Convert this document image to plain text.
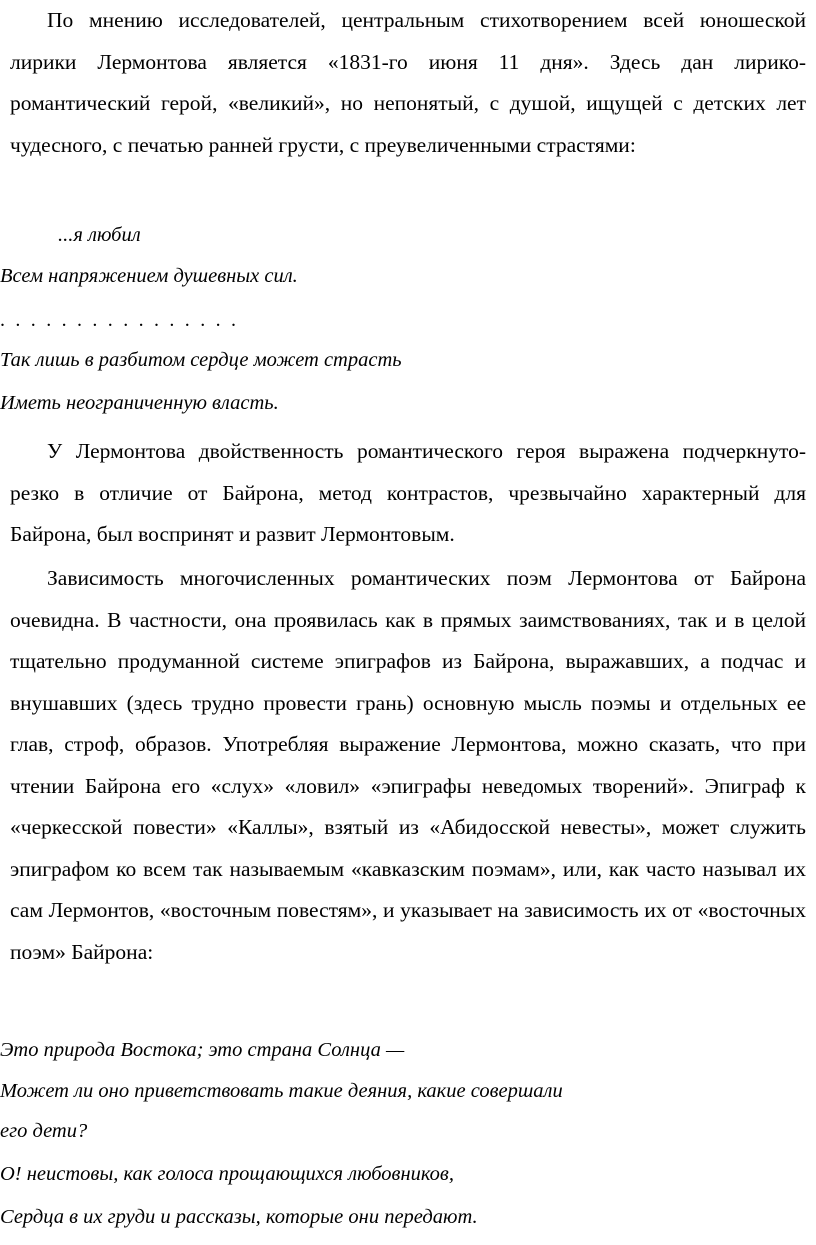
По мнению исследователей, центральным стихотворением всей юношеской лирики Лермонтова является «1831-го июня 11 дня». Здесь дан лирико-романтический герой, «великий», но непонятый, с душой, ищущей с детских лет чудесного, с печатью ранней грусти, с преувеличенными страстями:

...я любил

Всем напряжением душевных сил.

................

Так лишь в разбитом сердце может страсть

Иметь неограниченную власть.

У Лермонтова двойственность романтического героя выражена подчеркнуто-резко в отличие от Байрона, метод контрастов, чрезвычайно характерный для Байрона, был воспринят и развит Лермонтовым.

Зависимость многочисленных романтических поэм Лермонтова от Байрона очевидна. В частности, она проявилась как в прямых заимствованиях, так и в целой тщательно продуманной системе эпиграфов из Байрона, выражавших, а подчас и внушавших (здесь трудно провести грань) основную мысль поэмы и отдельных ее глав, строф, образов. Употребляя выражение Лермонтова, можно сказать, что при чтении Байрона его «слух» «ловил» «эпиграфы неведомых творений». Эпиграф к «черкесской повести» «Каллы», взятый из «Абидосской невесты», может служить эпиграфом ко всем так называемым «кавказским поэмам», или, как часто называл их сам Лермонтов, «восточным повестям», и указывает на зависимость их от «восточных поэм» Байрона:

Это природа Востока; это страна Солнца —

Может ли оно приветствовать такие деяния, какие совершали

его дети?

О! неистовы, как голоса прощающихся любовников,

Сердца в их груди и рассказы, которые они передают.
